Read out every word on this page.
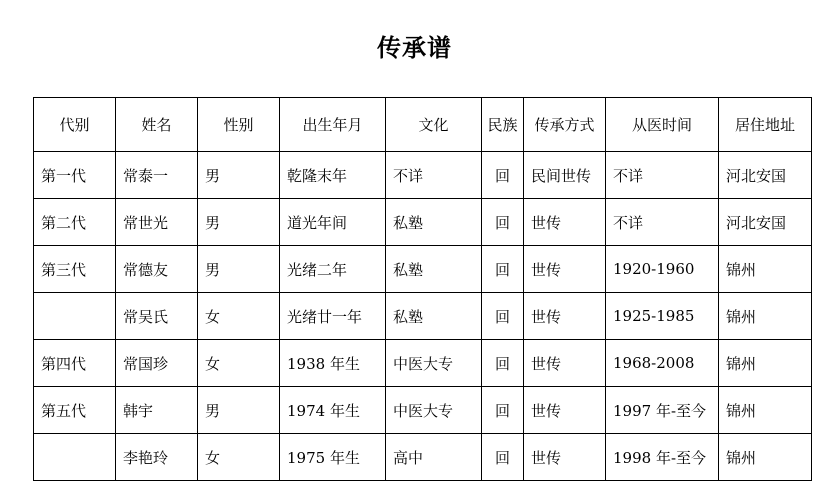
传承谱
代别	姓名	性别	出生年月	文化	民族	传承方式	从医时间	居住地址
第一代	常泰一	男	乾隆末年	不详	回	民间世传	不详	河北安国
第二代	常世光	男	道光年间	私塾	回	世传	不详	河北安国
第三代	常德友	男	光绪二年	私塾	回	世传	1920-1960	锦州
	常吴氏	女	光绪廿一年	私塾	回	世传	1925-1985	锦州
第四代	常国珍	女	1938 年生	中医大专	回	世传	1968-2008	锦州
第五代	韩宇	男	1974 年生	中医大专	回	世传	1997 年-至今	锦州
	李艳玲	女	1975 年生	高中	回	世传	1998 年-至今	锦州
